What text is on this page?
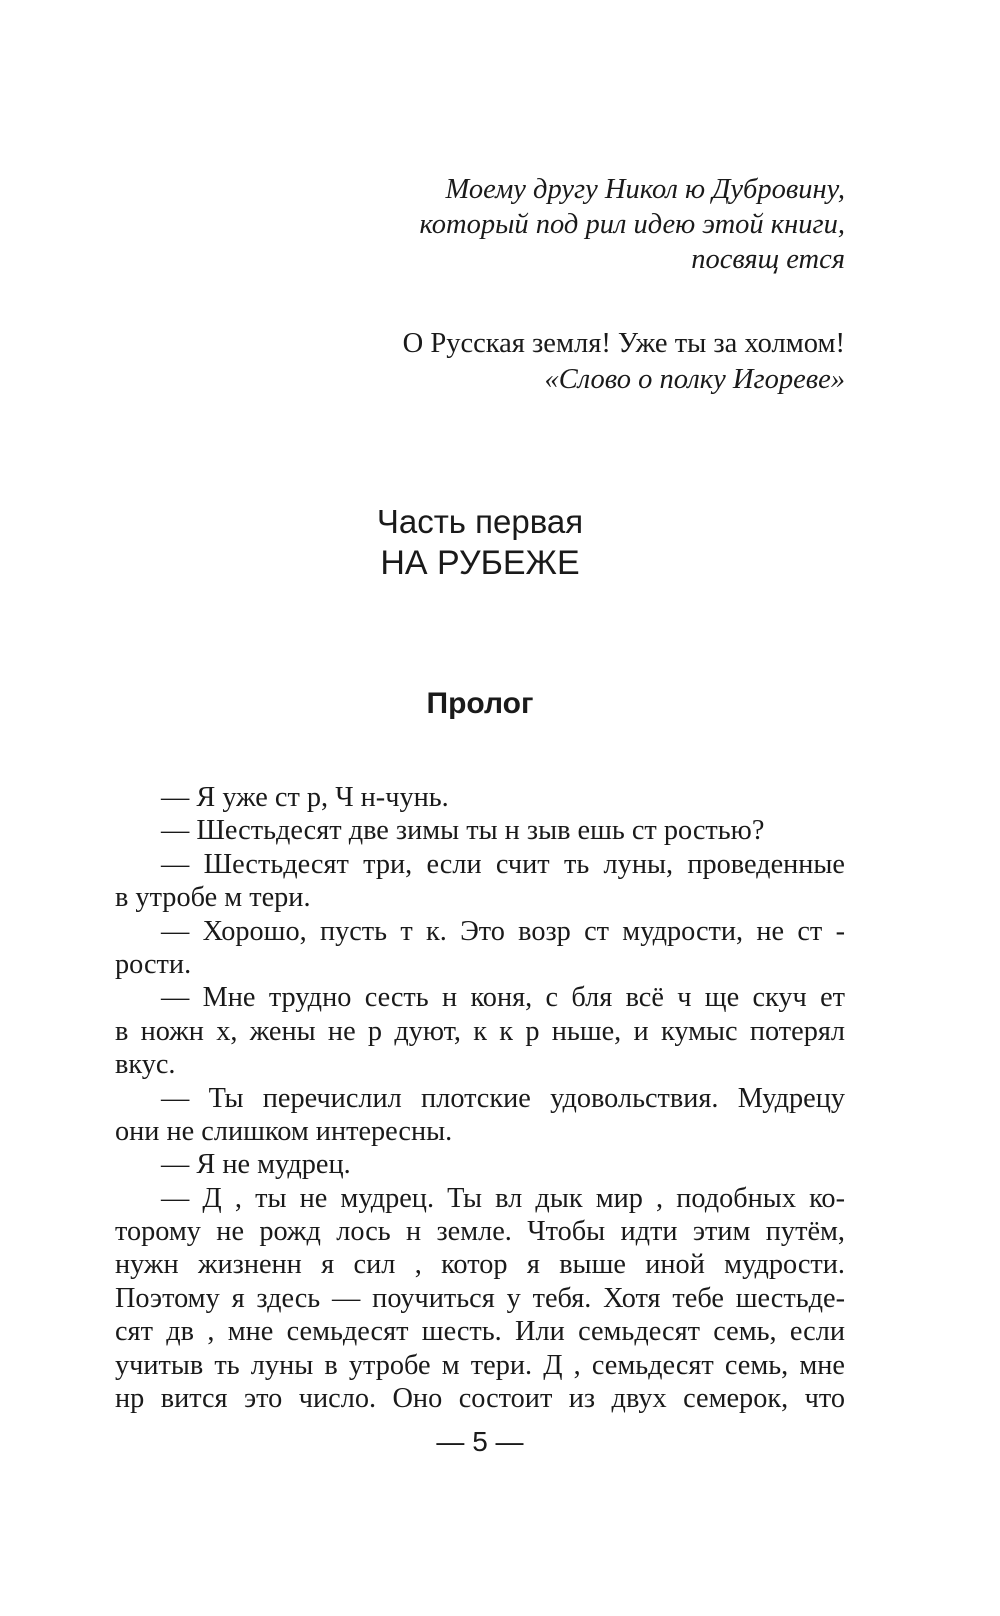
Моему другу Никол ю Дубровину,
который под рил идею этой книги,
посвящ ется
О Русская земля! Уже ты за холмом!
«Слово о полку Игореве»
Часть первая
НА РУБЕЖЕ
Пролог
— Я уже ст р, Ч н-чунь.
— Шестьдесят две зимы ты н зыв ешь ст ростью?
— Шестьдесят три, если счит ть луны, проведенные
в утробе м тери.
— Хорошо, пусть т к. Это возр ст мудрости, не ст -
рости.
— Мне трудно сесть н коня, с бля всё ч ще скуч ет
в ножн х, жены не р дуют, к к р ньше, и кумыс потерял
вкус.
— Ты перечислил плотские удовольствия. Мудрецу
они не слишком интересны.
— Я не мудрец.
— Д , ты не мудрец. Ты вл дык мир , подобных ко-
торому не рожд лось н земле. Чтобы идти этим путём,
нужн жизненн я сил , котор я выше иной мудрости.
Поэтому я здесь — поучиться у тебя. Хотя тебе шестьде-
сят дв , мне семьдесят шесть. Или семьдесят семь, если
учитыв ть луны в утробе м тери. Д , семьдесят семь, мне
нр вится это число. Оно состоит из двух семерок, что
— 5 —
